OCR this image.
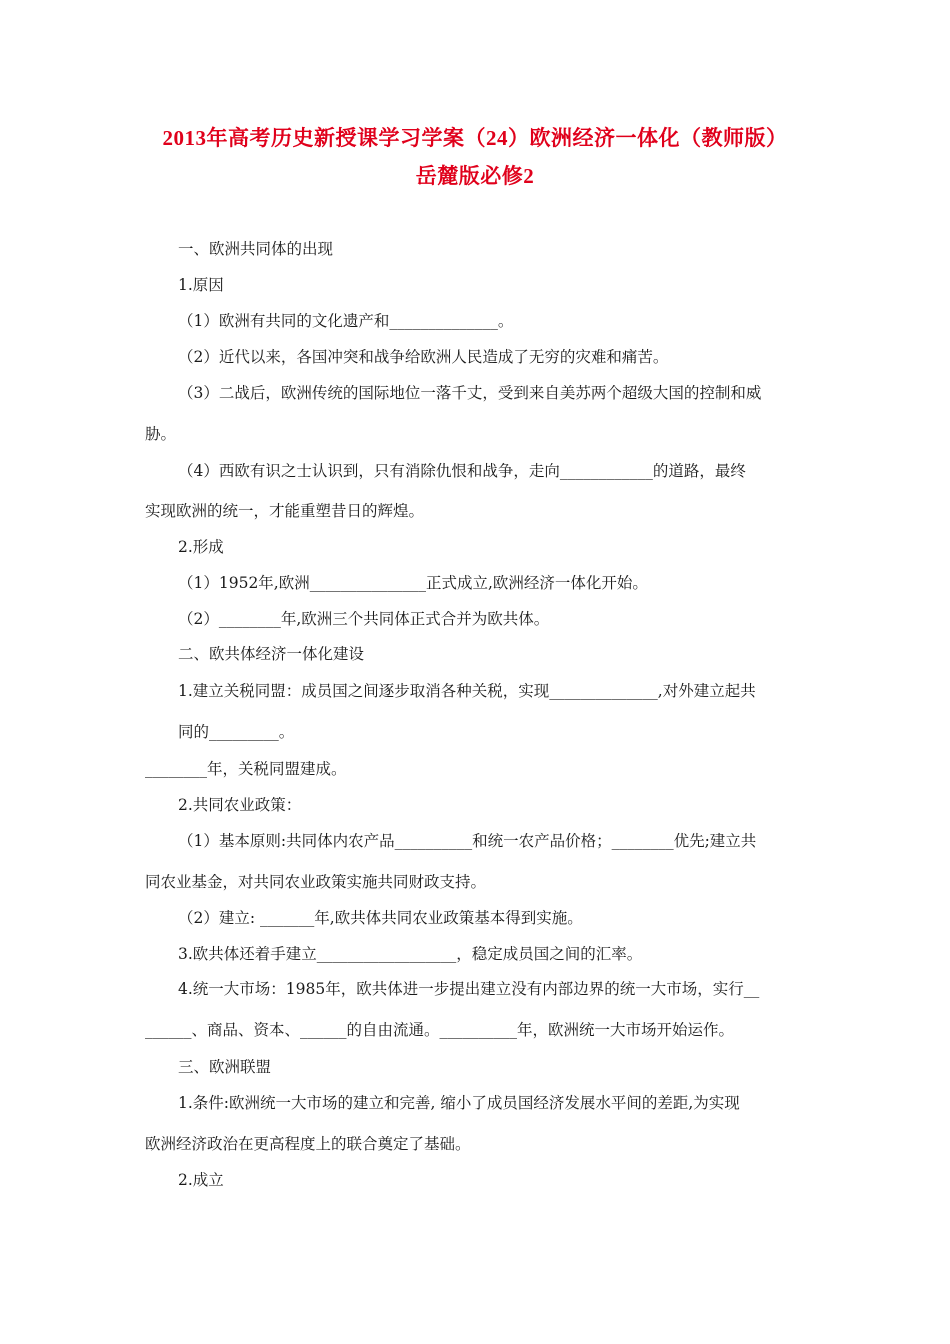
2013年高考历史新授课学习学案（24）欧洲经济一体化（教师版）
岳麓版必修2
一、欧洲共同体的出现
1.原因
（1）欧洲有共同的文化遗产和______________。
（2）近代以来，各国冲突和战争给欧洲人民造成了无穷的灾难和痛苦。
（3）二战后，欧洲传统的国际地位一落千丈，受到来自美苏两个超级大国的控制和威
胁。
（4）西欧有识之士认识到，只有消除仇恨和战争，走向____________的道路，最终
实现欧洲的统一，才能重塑昔日的辉煌。
2.形成
（1）1952年,欧洲_______________正式成立,欧洲经济一体化开始。
（2）________年,欧洲三个共同体正式合并为欧共体。
二、欧共体经济一体化建设
1.建立关税同盟：成员国之间逐步取消各种关税，实现______________,对外建立起共
同的_________。
________年，关税同盟建成。
2.共同农业政策：
（1）基本原则:共同体内农产品__________和统一农产品价格；________优先;建立共
同农业基金，对共同农业政策实施共同财政支持。
（2）建立: _______年,欧共体共同农业政策基本得到实施。
3.欧共体还着手建立__________________，稳定成员国之间的汇率。
4.统一大市场：1985年，欧共体进一步提出建立没有内部边界的统一大市场，实行__
______、商品、资本、______的自由流通。__________年，欧洲统一大市场开始运作。
三、欧洲联盟
1.条件:欧洲统一大市场的建立和完善, 缩小了成员国经济发展水平间的差距,为实现
欧洲经济政治在更高程度上的联合奠定了基础。
2.成立
